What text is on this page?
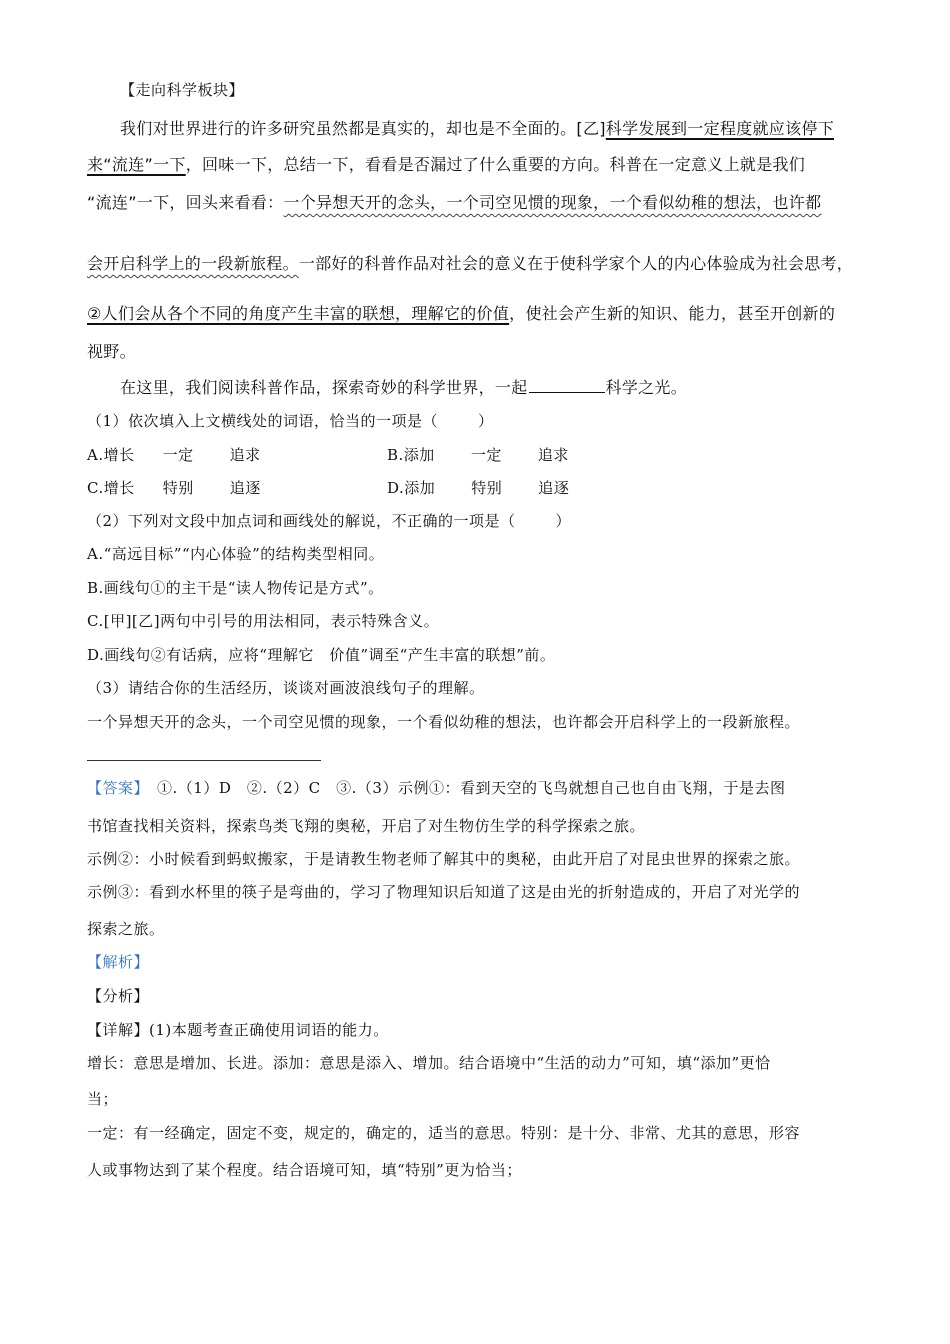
【走向科学板块】
我们对世界进行的许多研究虽然都是真实的，却也是不全面的。[乙]科学发展到一定程度就应该停下
来“流连”一下，回味一下，总结一下，看看是否漏过了什么重要的方向。科普在一定意义上就是我们
“流连”一下，回头来看看：一个异想天开的念头，一个司空见惯的现象，一个看似幼稚的想法，也许都
会开启科学上的一段新旅程。一部好的科普作品对社会的意义在于使科学家个人的内心体验成为社会思考，
②人们会从各个不同的角度产生丰富的联想，理解它的价值，使社会产生新的知识、能力，甚至开创新的
视野。
在这里，我们阅读科普作品，探索奇妙的科学世界，一起	科学之光。
（1）依次填入上文横线处的词语，恰当的一项是（	）
A.增长 一定 追求	B.添加 一定 追求
C.增长 特别 追逐	D.添加 特别 追逐
（2）下列对文段中加点词和画线处的解说，不正确的一项是（	）
A.“高远目标”“内心体验”的结构类型相同。
B.画线句①的主干是“读人物传记是方式”。
C.[甲][乙]两句中引号的用法相同，表示特殊含义。
D.画线句②有话病，应将“理解它　价值”调至“产生丰富的联想”前。
（3）请结合你的生活经历，谈谈对画波浪线句子的理解。
一个异想天开的念头，一个司空见惯的现象，一个看似幼稚的想法，也许都会开启科学上的一段新旅程。
【答案】　①.（1）D　②.（2）C　③.（3）示例①：看到天空的飞鸟就想自己也自由飞翔，于是去图
书馆查找相关资料，探索鸟类飞翔的奥秘，开启了对生物仿生学的科学探索之旅。
示例②：小时候看到蚂蚁搬家，于是请教生物老师了解其中的奥秘，由此开启了对昆虫世界的探索之旅。
示例③：看到水杯里的筷子是弯曲的，学习了物理知识后知道了这是由光的折射造成的，开启了对光学的
探索之旅。
【解析】
【分析】
【详解】(1)本题考查正确使用词语的能力。
增长：意思是增加、长进。添加：意思是添入、增加。结合语境中“生活的动力”可知，填“添加”更恰
当；
一定：有一经确定，固定不变，规定的，确定的，适当的意思。特别：是十分、非常、尤其的意思，形容
人或事物达到了某个程度。结合语境可知，填“特别”更为恰当；
